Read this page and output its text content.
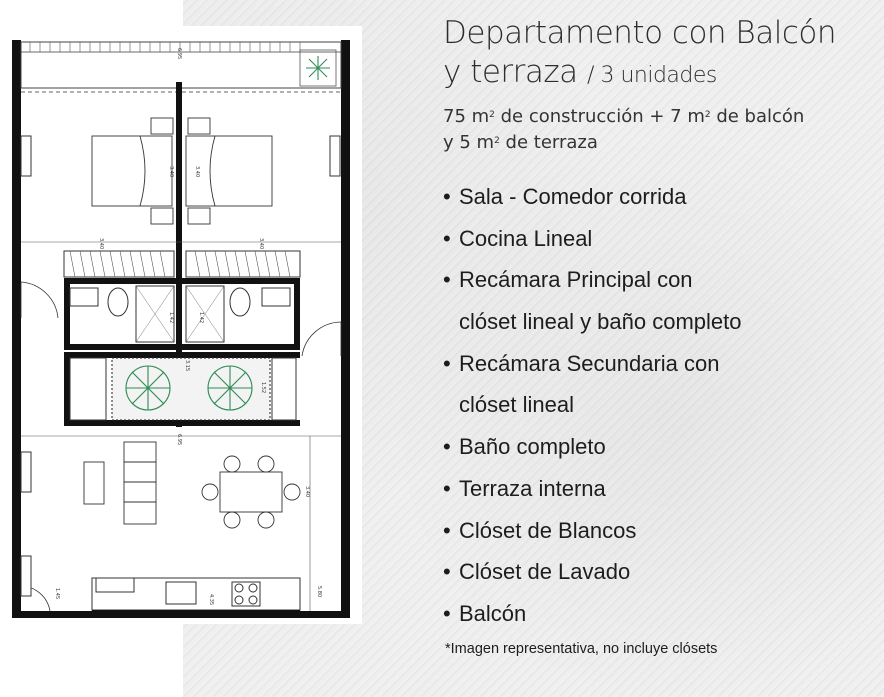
3.40	3.40
3.40	3.40
3.15
1.42	1.42
1.52
6.95
3.40
4.35
1.45	5.80
6.95
Departamento con Balcón
y terraza / 3 unidades
75 $m^2$ de construcción + 7 $m^2$ de balcón
y 5 $m^2$ de terraza
• Sala - Comedor corrida
• Cocina Lineal
• Recámara Principal con
clóset lineal y baño completo
• Recámara Secundaria con
clóset lineal
• Baño completo
• Terraza interna
• Clóset de Blancos
• Clóset de Lavado
• Balcón
*Imagen representativa, no incluye clósets
